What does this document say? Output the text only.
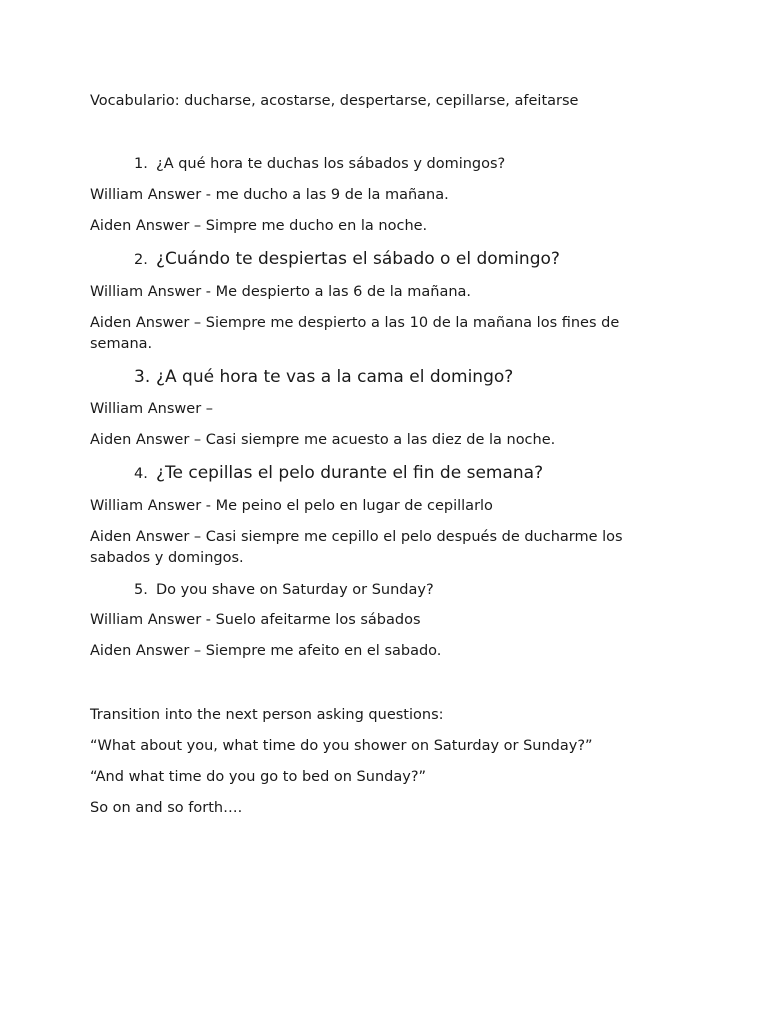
Vocabulario: ducharse, acostarse, despertarse, cepillarse, afeitarse
1. ¿A qué hora te duchas los sábados y domingos?
William Answer - me ducho a las 9 de la mañana.
Aiden Answer – Simpre me ducho en la noche.
2. ¿Cuándo te despiertas el sábado o el domingo?
William Answer - Me despierto a las 6 de la mañana.
Aiden Answer – Siempre me despierto a las 10 de la mañana los fines de semana.
3. ¿A qué hora te vas a la cama el domingo?
William Answer –
Aiden Answer – Casi siempre me acuesto a las diez de la noche.
4. ¿Te cepillas el pelo durante el fin de semana?
William Answer - Me peino el pelo en lugar de cepillarlo
Aiden Answer – Casi siempre me cepillo el pelo después de ducharme los sabados y domingos.
5. Do you shave on Saturday or Sunday?
William Answer - Suelo afeitarme los sábados
Aiden Answer – Siempre me afeito en el sabado.
Transition into the next person asking questions:
“What about you, what time do you shower on Saturday or Sunday?”
“And what time do you go to bed on Sunday?”
So on and so forth….
